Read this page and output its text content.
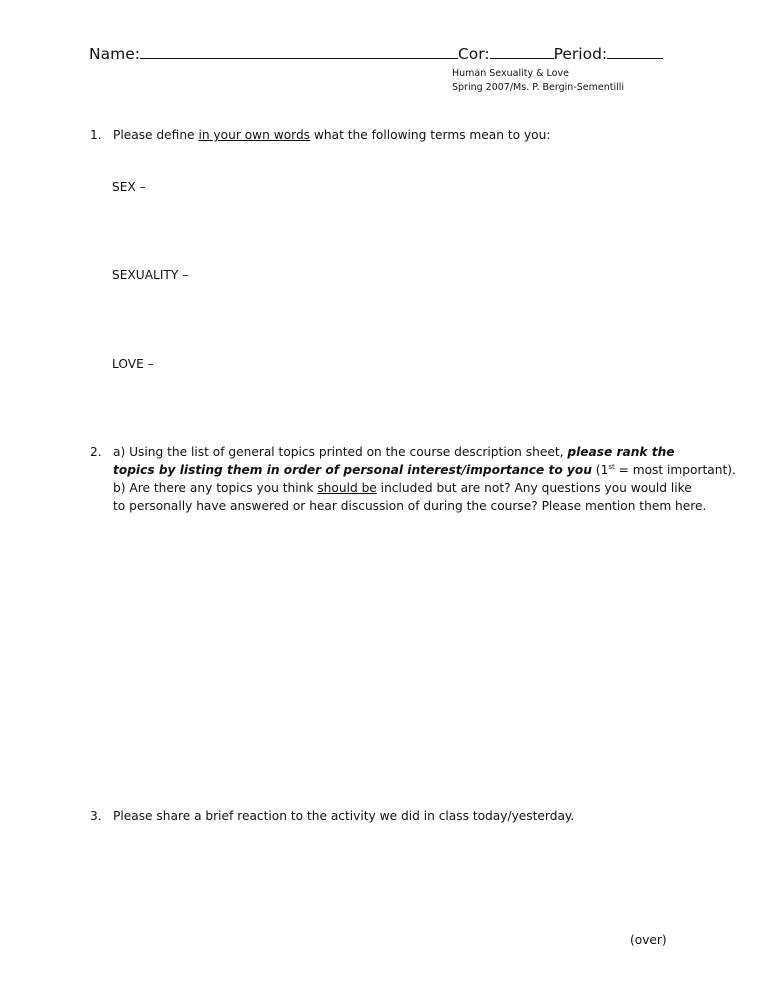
Name:	Cor:	Period:
Human Sexuality & Love
Spring 2007/Ms. P. Bergin-Sementilli
1. Please define in your own words what the following terms mean to you:
SEX –
SEXUALITY –
LOVE –
2. a) Using the list of general topics printed on the course description sheet, please rank the
topics by listing them in order of personal interest/importance to you (1st = most important).
b) Are there any topics you think should be included but are not? Any questions you would like
to personally have answered or hear discussion of during the course? Please mention them here.
3. Please share a brief reaction to the activity we did in class today/yesterday.
(over)
